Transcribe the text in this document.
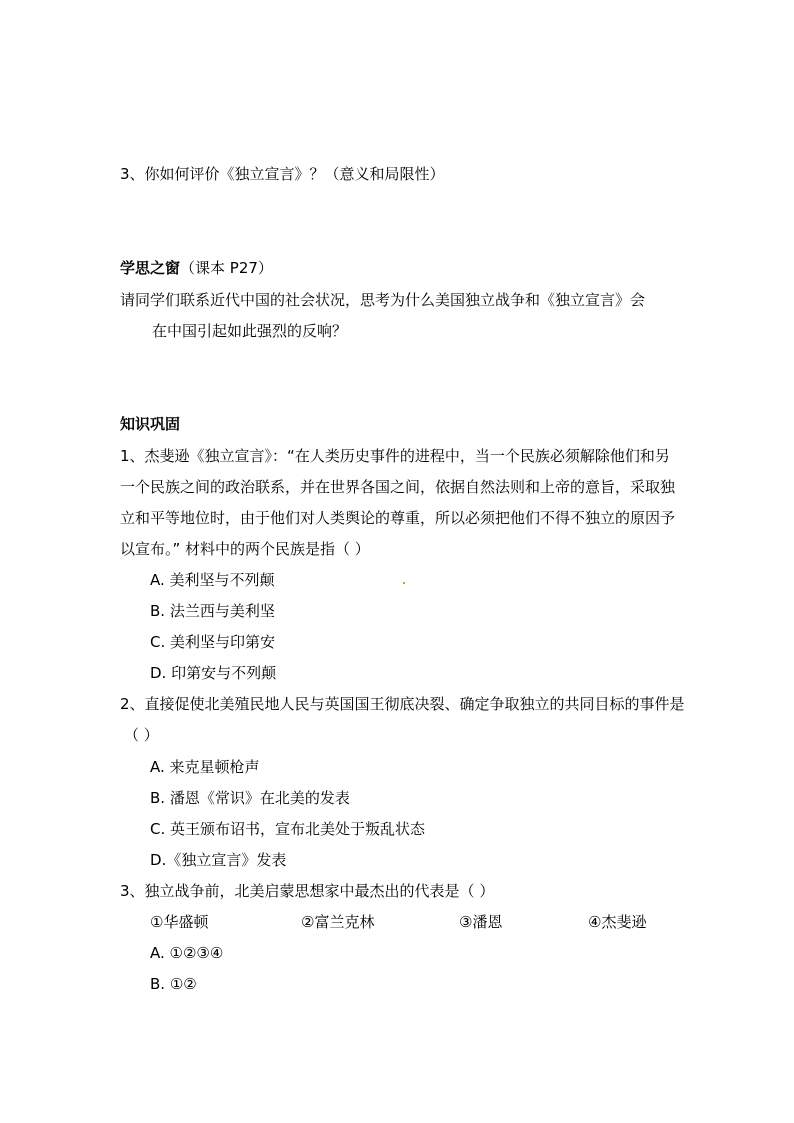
3、你如何评价《独立宣言》？（意义和局限性）
学思之窗（课本 P27）
请同学们联系近代中国的社会状况，思考为什么美国独立战争和《独立宣言》会
在中国引起如此强烈的反响？
知识巩固
1、杰斐逊《独立宣言》：“在人类历史事件的进程中，当一个民族必须解除他们和另
一个民族之间的政治联系，并在世界各国之间，依据自然法则和上帝的意旨，采取独
立和平等地位时，由于他们对人类舆论的尊重，所以必须把他们不得不独立的原因予
以宣布。” 材料中的两个民族是指（ ）
A. 美利坚与不列颠
B. 法兰西与美利坚
C. 美利坚与印第安
D. 印第安与不列颠
2、直接促使北美殖民地人民与英国国王彻底决裂、确定争取独立的共同目标的事件是
（ ）
A. 来克星顿枪声
B. 潘恩《常识》在北美的发表
C. 英王颁布诏书，宣布北美处于叛乱状态
D.《独立宣言》发表
3、独立战争前，北美启蒙思想家中最杰出的代表是（ ）
①华盛顿	②富兰克林	③潘恩	④杰斐逊
A. ①②③④
B. ①②
